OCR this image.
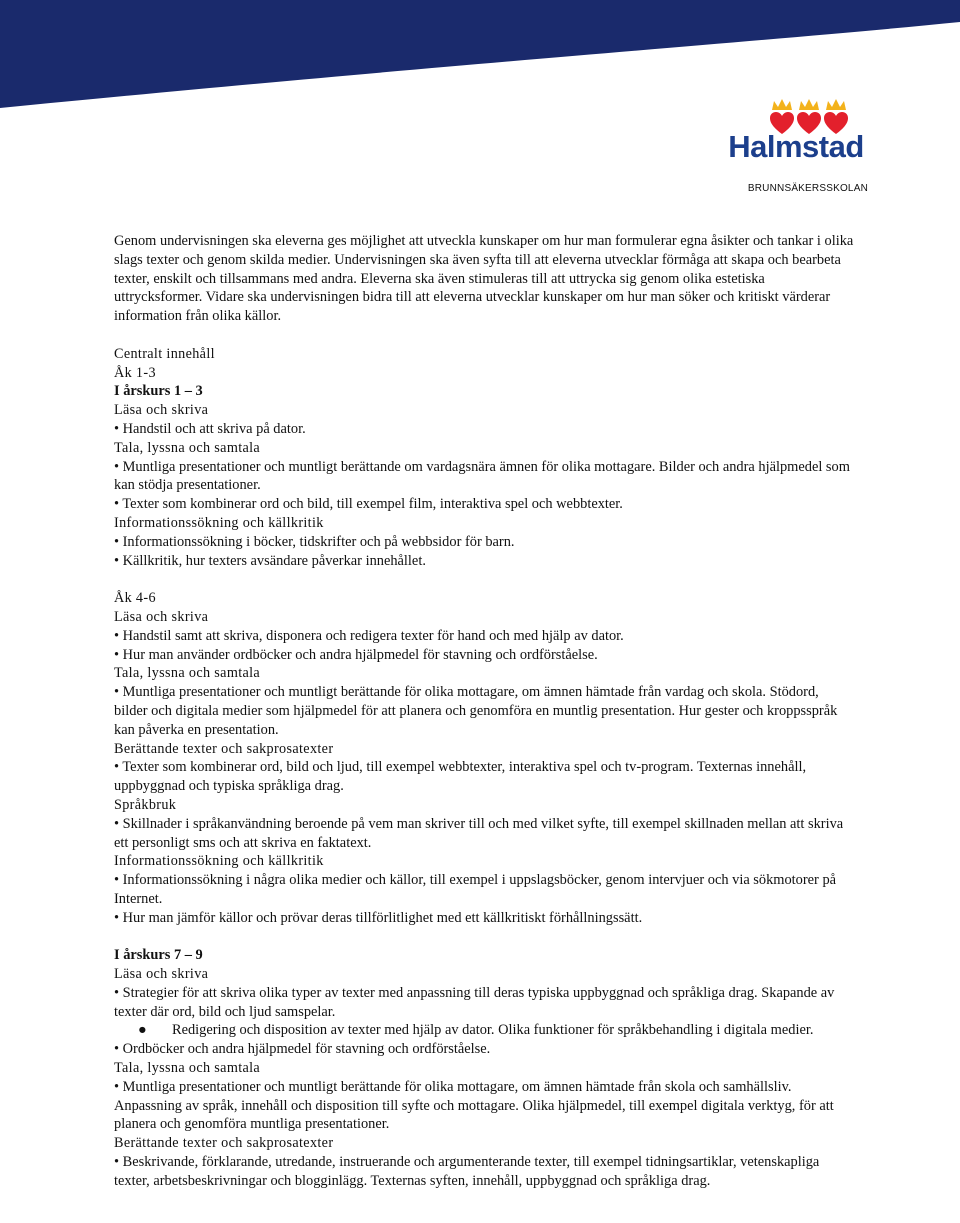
Halmstad
BRUNNSÄKERSSKOLAN

Genom undervisningen ska eleverna ges möjlighet att utveckla kunskaper om hur man formulerar egna åsikter och tankar i olika slags texter och genom skilda medier. Undervisningen ska även syfta till att eleverna utvecklar förmåga att skapa och bearbeta texter, enskilt och tillsammans med andra. Eleverna ska även stimuleras till att uttrycka sig genom olika estetiska uttrycksformer. Vidare ska undervisningen bidra till att eleverna utvecklar kunskaper om hur man söker och kritiskt värderar information från olika källor.

Centralt innehåll

Åk 1-3

I årskurs 1 – 3

Läsa och skriva

• Handstil och att skriva på dator.

Tala, lyssna och samtala

• Muntliga presentationer och muntligt berättande om vardagsnära ämnen för olika mottagare. Bilder och andra hjälpmedel som kan stödja presentationer.

• Texter som kombinerar ord och bild, till exempel film, interaktiva spel och webbtexter.

Informationssökning och källkritik

• Informationssökning i böcker, tidskrifter och på webbsidor för barn.

• Källkritik, hur texters avsändare påverkar innehållet.

Åk 4-6

Läsa och skriva

• Handstil samt att skriva, disponera och redigera texter för hand och med hjälp av dator.

• Hur man använder ordböcker och andra hjälpmedel för stavning och ordförståelse.

Tala, lyssna och samtala

• Muntliga presentationer och muntligt berättande för olika mottagare, om ämnen hämtade från vardag och skola. Stödord, bilder och digitala medier som hjälpmedel för att planera och genomföra en muntlig presentation. Hur gester och kroppsspråk kan påverka en presentation.

Berättande texter och sakprosatexter

• Texter som kombinerar ord, bild och ljud, till exempel webbtexter, interaktiva spel och tv-program. Texternas innehåll, uppbyggnad och typiska språkliga drag.

Språkbruk

• Skillnader i språkanvändning beroende på vem man skriver till och med vilket syfte, till exempel skillnaden mellan att skriva ett personligt sms och att skriva en faktatext.

Informationssökning och källkritik

• Informationssökning i några olika medier och källor, till exempel i uppslagsböcker, genom intervjuer och via sökmotorer på Internet.

• Hur man jämför källor och prövar deras tillförlitlighet med ett källkritiskt förhållningssätt.

I årskurs 7 – 9

Läsa och skriva

• Strategier för att skriva olika typer av texter med anpassning till deras typiska uppbyggnad och språkliga drag. Skapande av texter där ord, bild och ljud samspelar.

● Redigering och disposition av texter med hjälp av dator. Olika funktioner för språkbehandling i digitala medier.

• Ordböcker och andra hjälpmedel för stavning och ordförståelse.

Tala, lyssna och samtala

• Muntliga presentationer och muntligt berättande för olika mottagare, om ämnen hämtade från skola och samhällsliv. Anpassning av språk, innehåll och disposition till syfte och mottagare. Olika hjälpmedel, till exempel digitala verktyg, för att planera och genomföra muntliga presentationer.

Berättande texter och sakprosatexter

• Beskrivande, förklarande, utredande, instruerande och argumenterande texter, till exempel tidningsartiklar, vetenskapliga texter, arbetsbeskrivningar och blogginlägg. Texternas syften, innehåll, uppbyggnad och språkliga drag.
